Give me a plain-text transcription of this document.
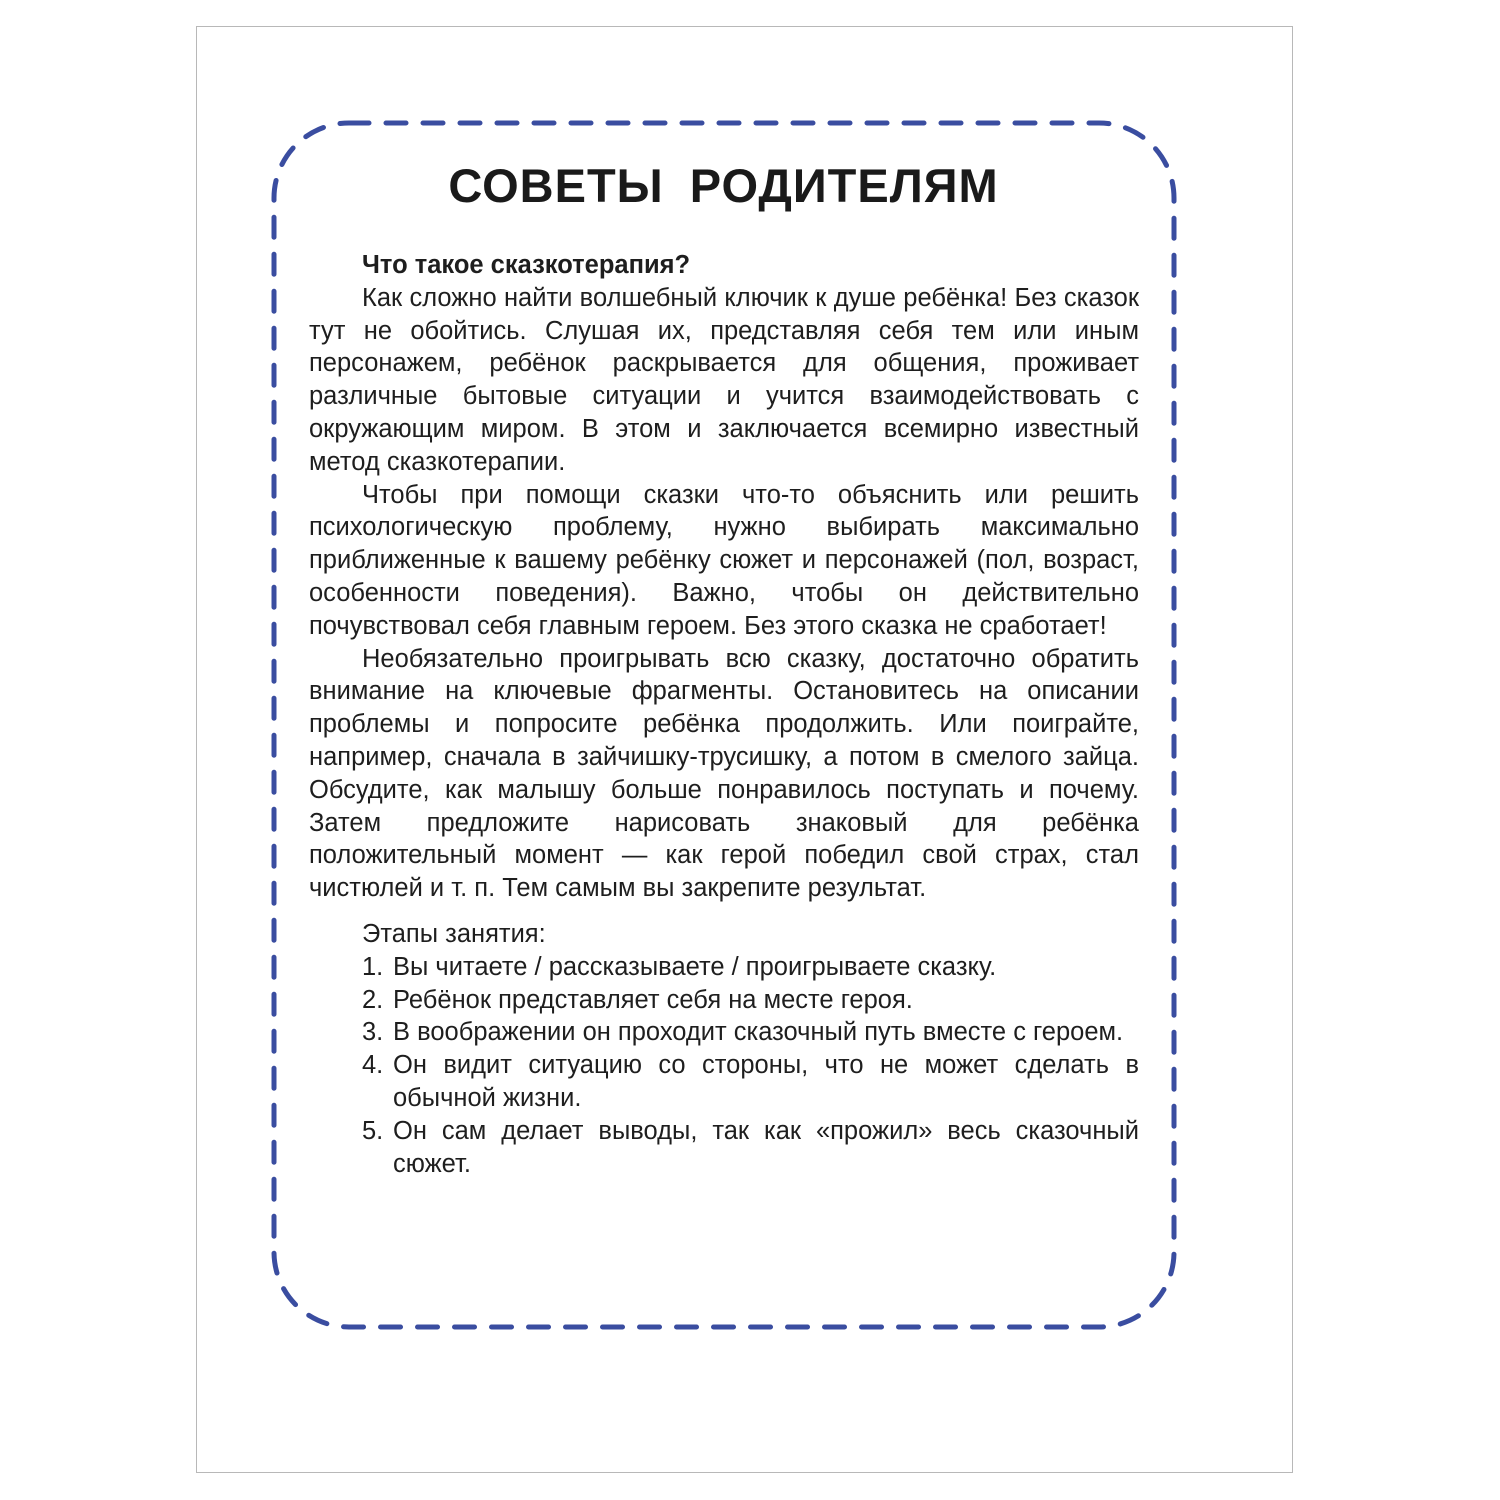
СОВЕТЫ РОДИТЕЛЯМ

Что такое сказкотерапия?

Как сложно найти волшебный ключик к душе ребёнка! Без сказок тут не обойтись. Слушая их, представляя себя тем или иным персонажем, ребёнок раскрывается для общения, проживает различные бытовые ситуации и учится взаимодействовать с окружающим миром. В этом и заключается всемирно известный метод сказкотерапии.

Чтобы при помощи сказки что-то объяснить или решить психологическую проблему, нужно выбирать максимально приближенные к вашему ребёнку сюжет и персонажей (пол, возраст, особенности поведения). Важно, чтобы он действительно почувствовал себя главным героем. Без этого сказка не сработает!

Необязательно проигрывать всю сказку, достаточно обратить внимание на ключевые фрагменты. Остановитесь на описании проблемы и попросите ребёнка продолжить. Или поиграйте, например, сначала в зайчишку-трусишку, а потом в смелого зайца. Обсудите, как малышу больше понравилось поступать и почему. Затем предложите нарисовать знаковый для ребёнка положительный момент — как герой победил свой страх, стал чистюлей и т. п. Тем самым вы закрепите результат.

Этапы занятия:

1. Вы читаете / рассказываете / проигрываете сказку.
2. Ребёнок представляет себя на месте героя.
3. В воображении он проходит сказочный путь вместе с героем.
4. Он видит ситуацию со стороны, что не может сделать в обычной жизни.
5. Он сам делает выводы, так как «прожил» весь сказочный сюжет.
